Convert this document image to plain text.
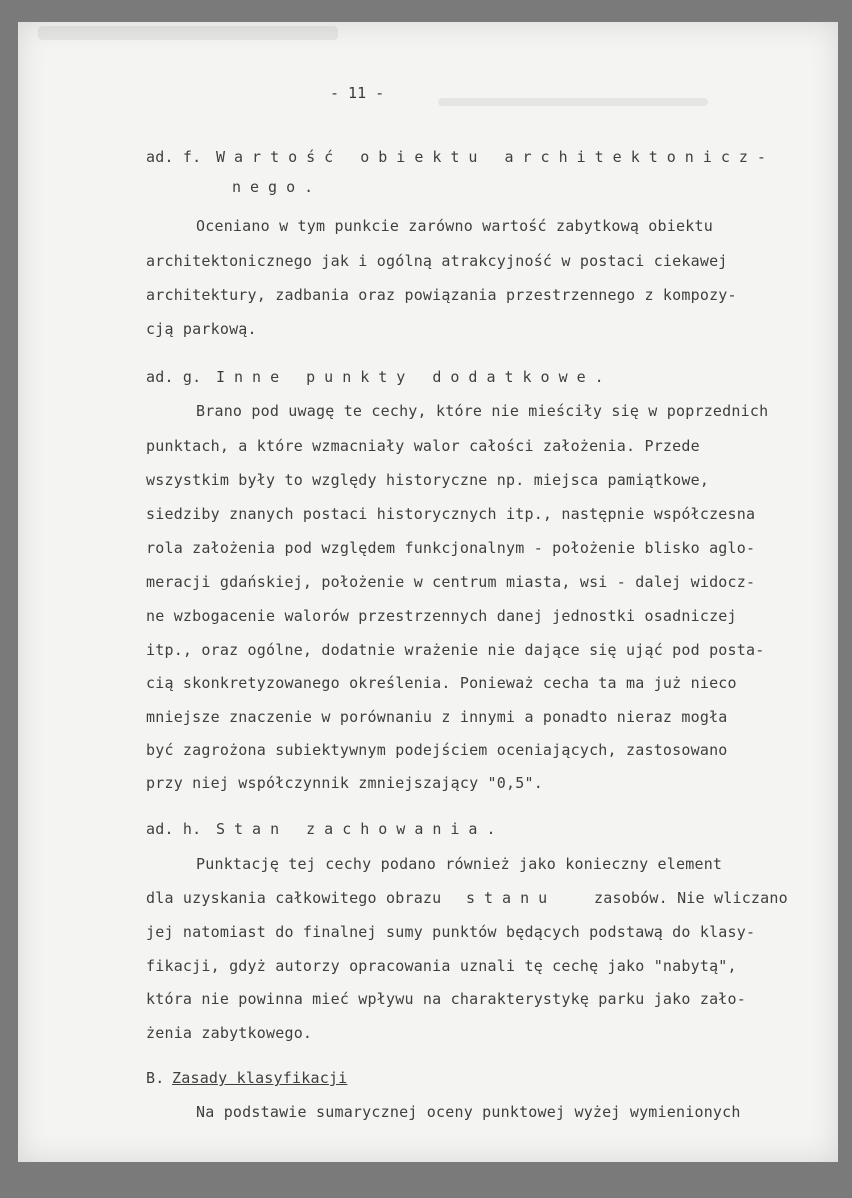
- 11 -
ad. f. Wartość obiektu architektonicz-
nego.
Oceniano w tym punkcie zarówno wartość zabytkową obiektu
architektonicznego jak i ogólną atrakcyjność w postaci ciekawej
architektury, zadbania oraz powiązania przestrzennego z kompozy-
cją parkową.
ad. g. Inne punkty dodatkowe.
Brano pod uwagę te cechy, które nie mieściły się w poprzednich
punktach, a które wzmacniały walor całości założenia. Przede
wszystkim były to względy historyczne np. miejsca pamiątkowe,
siedziby znanych postaci historycznych itp., następnie współczesna
rola założenia pod względem funkcjonalnym - położenie blisko aglo-
meracji gdańskiej, położenie w centrum miasta, wsi - dalej widocz-
ne wzbogacenie walorów przestrzennych danej jednostki osadniczej
itp., oraz ogólne, dodatnie wrażenie nie dające się ująć pod posta-
cią skonkretyzowanego określenia. Ponieważ cecha ta ma już nieco
mniejsze znaczenie w porównaniu z innymi a ponadto nieraz mogła
być zagrożona subiektywnym podejściem oceniających, zastosowano
przy niej współczynnik zmniejszający "0,5".
ad. h. Stan zachowania.
Punktację tej cechy podano również jako konieczny element
dla uzyskania całkowitego obrazu stanu	zasobów. Nie wliczano
jej natomiast do finalnej sumy punktów będących podstawą do klasy-
fikacji, gdyż autorzy opracowania uznali tę cechę jako "nabytą",
która nie powinna mieć wpływu na charakterystykę parku jako zało-
żenia zabytkowego.
B. Zasady klasyfikacji
Na podstawie sumarycznej oceny punktowej wyżej wymienionych
